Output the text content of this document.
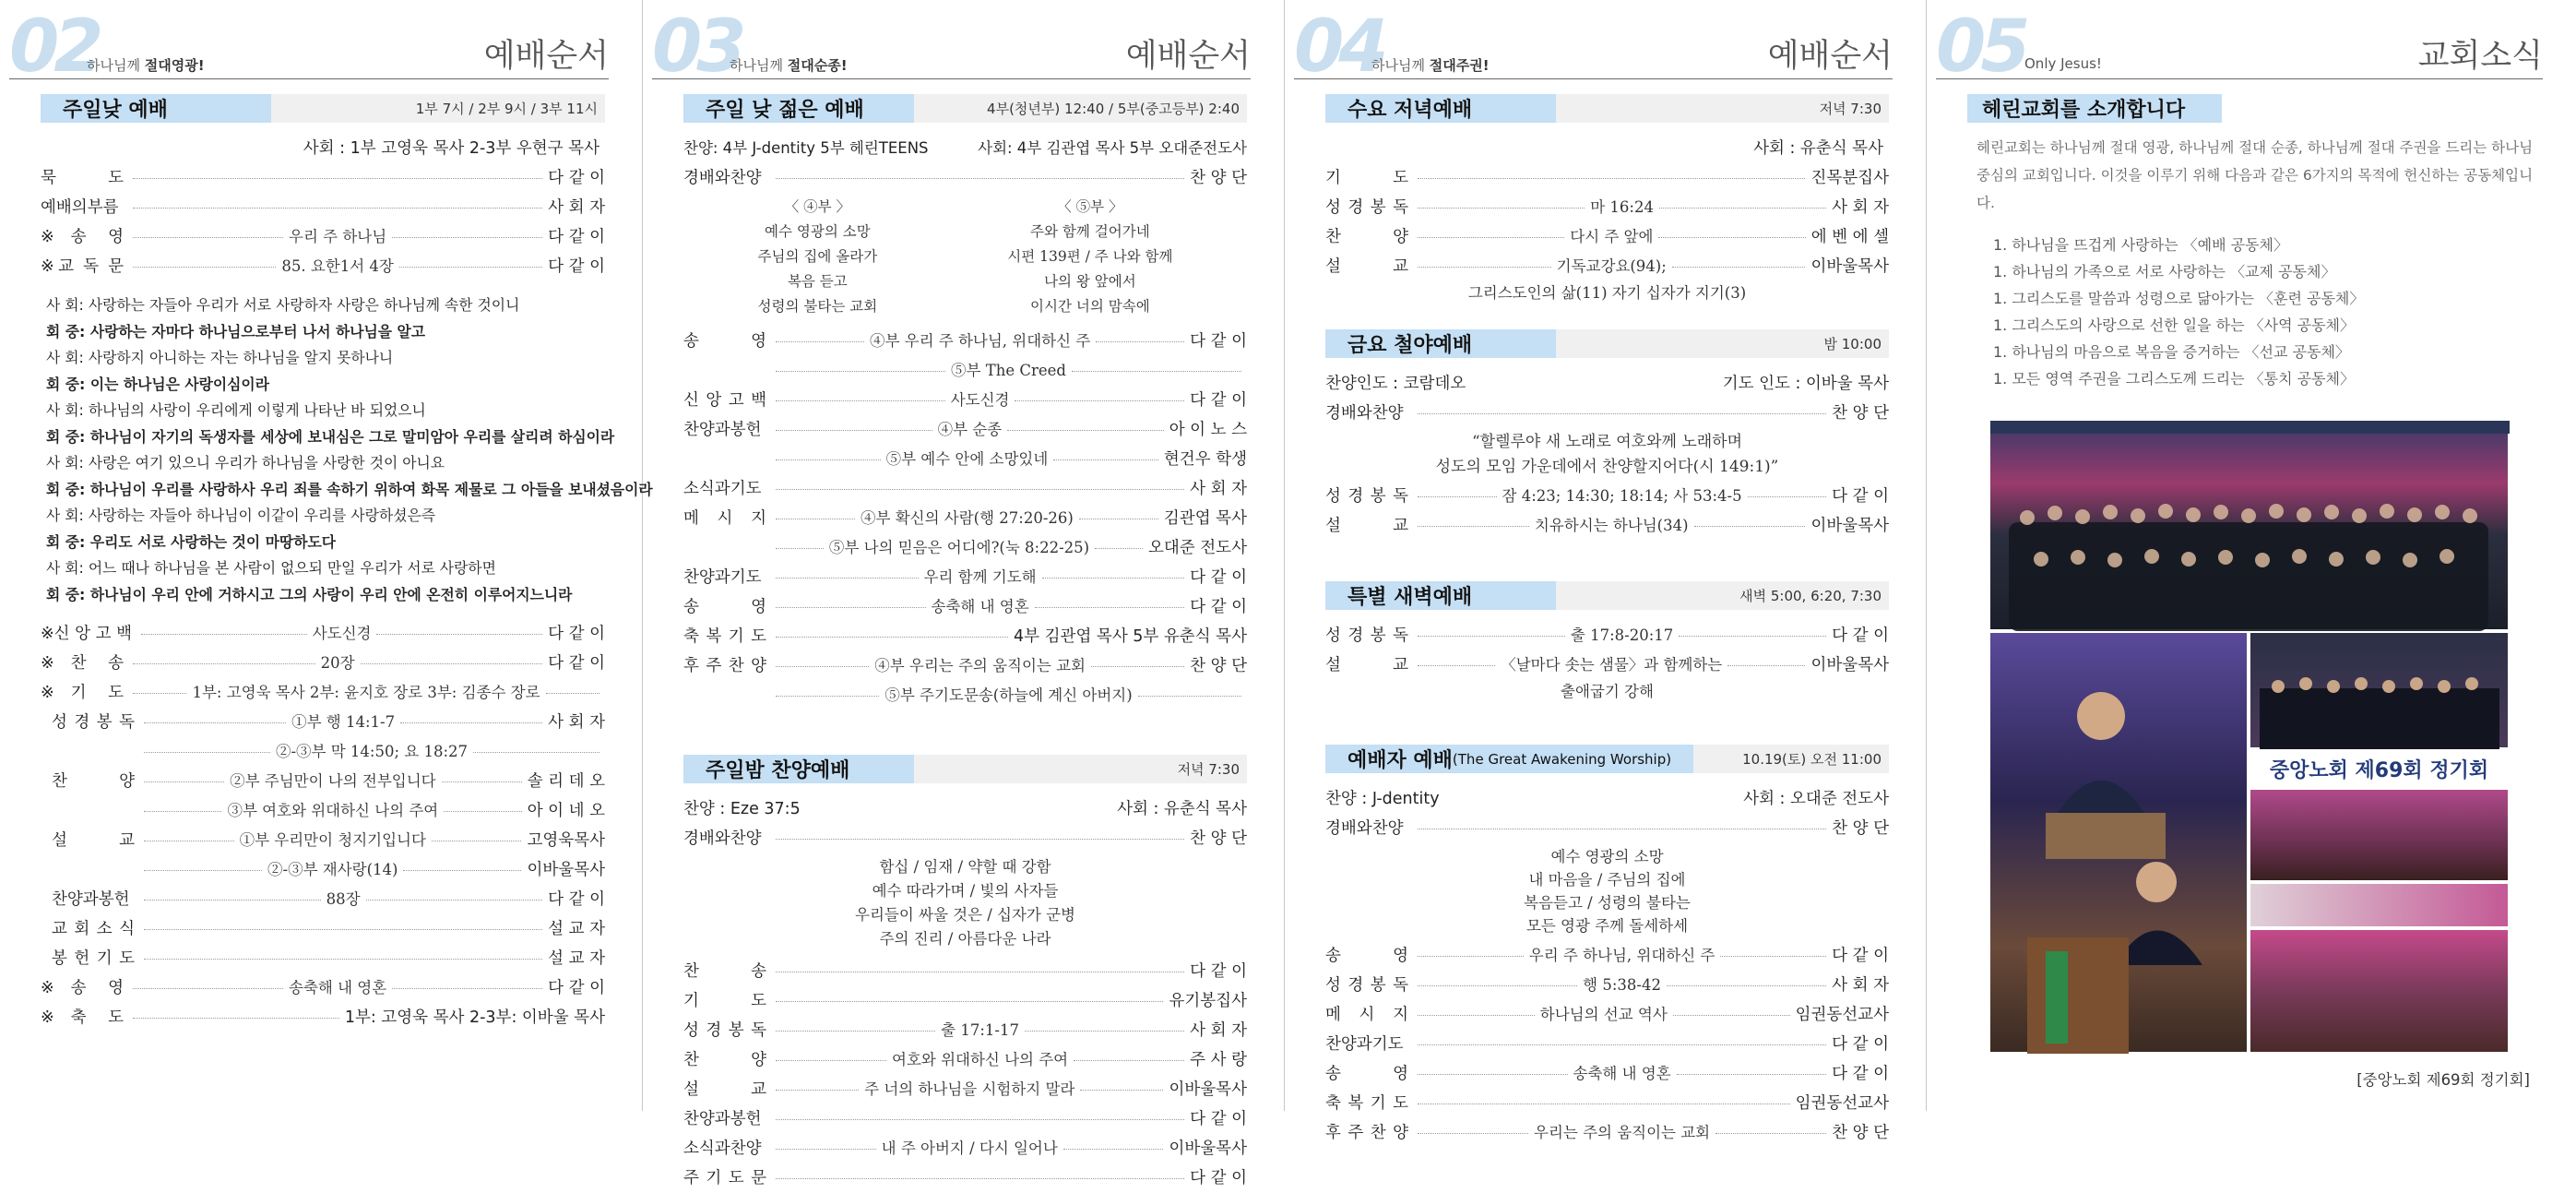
02
하나님께 절대영광!	예배순서
주일낮 예배	1부 7시 / 2부 9시 / 3부 11시
사회 : 1부 고영욱 목사 2-3부 우현구 목사
묵 도	다 같 이
예배의부름	사 회 자
※송 영	우리 주 하나님	다 같 이
※교 독 문	85. 요한1서 4장	다 같 이
사 회: 사랑하는 자들아 우리가 서로 사랑하자 사랑은 하나님께 속한 것이니
회 중: 사랑하는 자마다 하나님으로부터 나서 하나님을 알고
사 회: 사랑하지 아니하는 자는 하나님을 알지 못하나니
회 중: 이는 하나님은 사랑이심이라
사 회: 하나님의 사랑이 우리에게 이렇게 나타난 바 되었으니
회 중: 하나님이 자기의 독생자를 세상에 보내심은 그로 말미암아 우리를 살리려 하심이라
사 회: 사랑은 여기 있으니 우리가 하나님을 사랑한 것이 아니요
회 중: 하나님이 우리를 사랑하사 우리 죄를 속하기 위하여 화목 제물로 그 아들을 보내셨음이라
사 회: 사랑하는 자들아 하나님이 이같이 우리를 사랑하셨은즉
회 중: 우리도 서로 사랑하는 것이 마땅하도다
사 회: 어느 때나 하나님을 본 사람이 없으되 만일 우리가 서로 사랑하면
회 중: 하나님이 우리 안에 거하시고 그의 사랑이 우리 안에 온전히 이루어지느니라
※신 앙 고 백	사도신경	다 같 이
※찬 송	20장	다 같 이
※기 도	1부: 고영욱 목사 2부: 윤지호 장로 3부: 김종수 장로
성 경 봉 독	①부 행 14:1-7	사 회 자
②-③부 막 14:50; 요 18:27
찬 양	②부 주님만이 나의 전부입니다	솔 리 데 오
③부 여호와 위대하신 나의 주여	아 이 네 오
설 교	①부 우리만이 청지기입니다	고영욱목사
②-③부 재사랑(14)	이바울목사
찬양과봉헌	88장	다 같 이
교 회 소 식	설 교 자
봉 헌 기 도	설 교 자
※송 영	송축해 내 영혼	다 같 이
※축 도	1부: 고영욱 목사 2-3부: 이바울 목사
03
하나님께 절대순종!	예배순서
주일 낮 젊은 예배	4부(청년부) 12:40 / 5부(중고등부) 2:40
찬양: 4부 J-dentity 5부 헤린TEENS	사회: 4부 김관엽 목사 5부 오대준전도사
경배와찬양	찬 양 단
〈 ④부 〉
예수 영광의 소망
주님의 집에 올라가
복음 듣고
성령의 불타는 교회
〈 ⑤부 〉
주와 함께 걸어가네
시편 139편 / 주 나와 함께
나의 왕 앞에서
이시간 너의 맘속에
송 영	④부 우리 주 하나님, 위대하신 주	다 같 이
⑤부 The Creed
신 앙 고 백	사도신경	다 같 이
찬양과봉헌	④부 순종	아 이 노 스
⑤부 예수 안에 소망있네	현건우 학생
소식과기도	사 회 자
메 시 지	④부 확신의 사람(행 27:20-26)	김관엽 목사
⑤부 나의 믿음은 어디에?(눅 8:22-25)	오대준 전도사
찬양과기도	우리 함께 기도해	다 같 이
송 영	송축해 내 영혼	다 같 이
축 복 기 도	4부 김관엽 목사 5부 유춘식 목사
후 주 찬 양	④부 우리는 주의 움직이는 교회	찬 양 단
⑤부 주기도문송(하늘에 계신 아버지)
주일밤 찬양예배	저녁 7:30
찬양 : Eze 37:5	사회 : 유춘식 목사
경배와찬양	찬 양 단
함십 / 임재 / 약할 때 강함
예수 따라가며 / 빛의 사자들
우리들이 싸울 것은 / 십자가 군병
주의 진리 / 아름다운 나라
찬 송	다 같 이
기 도	유기봉집사
성 경 봉 독	출 17:1-17	사 회 자
찬 양	여호와 위대하신 나의 주여	주 사 랑
설 교	주 너의 하나님을 시험하지 말라	이바울목사
찬양과봉헌	다 같 이
소식과찬양	내 주 아버지 / 다시 일어나	이바울목사
주 기 도 문	다 같 이
04
하나님께 절대주권!	예배순서
수요 저녁예배	저녁 7:30
사회 : 유춘식 목사
기 도	진목분집사
성 경 봉 독	마 16:24	사 회 자
찬 양	다시 주 앞에	에 벤 에 셀
설 교	기독교강요(94);	이바울목사
그리스도인의 삶(11) 자기 십자가 지기(3)
금요 철야예배	밤 10:00
찬양인도 : 코람데오	기도 인도 : 이바울 목사
경배와찬양	찬 양 단
“할렐루야 새 노래로 여호와께 노래하며
성도의 모임 가운데에서 찬양할지어다(시 149:1)”
성 경 봉 독	잠 4:23; 14:30; 18:14; 사 53:4-5	다 같 이
설 교	치유하시는 하나님(34)	이바울목사
특별 새벽예배	새벽 5:00, 6:20, 7:30
성 경 봉 독	출 17:8-20:17	다 같 이
설 교	〈날마다 솟는 샘물〉과 함께하는	이바울목사
출애굽기 강해
예배자 예배 (The Great Awakening Worship)	10.19(토) 오전 11:00
찬양 : J-dentity	사회 : 오대준 전도사
경배와찬양	찬 양 단
예수 영광의 소망
내 마음을 / 주님의 집에
복음듣고 / 성령의 불타는
모든 영광 주께 돌세하세
송 영	우리 주 하나님, 위대하신 주	다 같 이
성 경 봉 독	행 5:38-42	사 회 자
메 시 지	하나님의 선교 역사	임권동선교사
찬양과기도	다 같 이
송 영	송축해 내 영혼	다 같 이
축 복 기 도	임권동선교사
후 주 찬 양	우리는 주의 움직이는 교회	찬 양 단
05 Only Jesus!	교회소식
헤린교회를 소개합니다
헤린교회는 하나님께 절대 영광, 하나님께 절대 순종, 하나님께 절대 주권을 드리는 하나님
중심의 교회입니다. 이것을 이루기 위해 다음과 같은 6가지의 목적에 헌신하는 공동체입니다.
1. 하나님을 뜨겁게 사랑하는 〈예배 공동체〉
1. 하나님의 가족으로 서로 사랑하는 〈교제 공동체〉
1. 그리스도를 말씀과 성령으로 닮아가는 〈훈련 공동체〉
1. 그리스도의 사랑으로 선한 일을 하는 〈사역 공동체〉
1. 하나님의 마음으로 복음을 증거하는 〈선교 공동체〉
1. 모든 영역 주권을 그리스도께 드리는 〈통치 공동체〉
중앙노회 제69회 정기회
[중앙노회 제69회 정기회]
